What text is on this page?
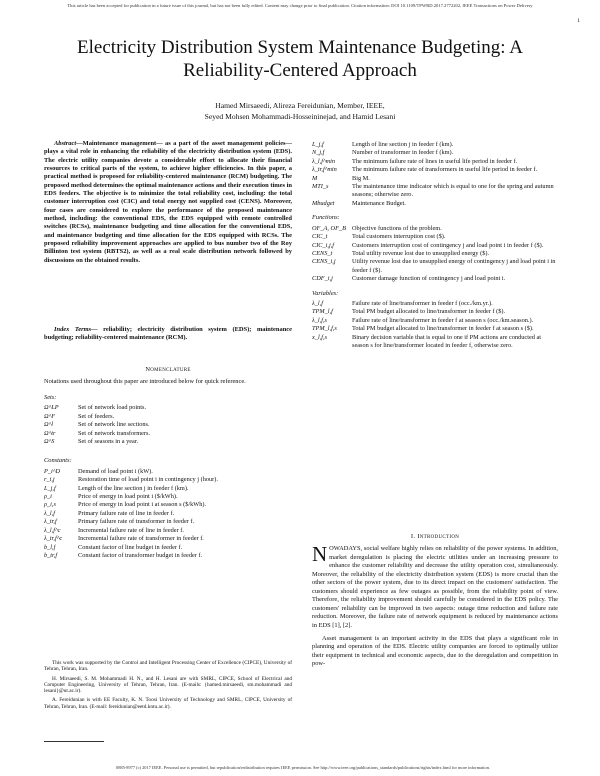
This article has been accepted for publication in a future issue of this journal, but has not been fully edited. Content may change prior to final publication. Citation information: DOI 10.1109/TPWRD.2017.2772202, IEEE Transactions on Power Delivery
1
Electricity Distribution System Maintenance Budgeting: A Reliability-Centered Approach
Hamed Mirsaeedi, Alireza Fereidunian, Member, IEEE,
Seyed Mohsen Mohammadi-Hosseininejad, and Hamid Lesani

Abstract—Maintenance management— as a part of the asset management policies— plays a vital role in enhancing the reliability of the electricity distribution system (EDS). The electric utility companies devote a considerable effort to allocate their financial resources to critical parts of the system, to achieve higher efficiencies. In this paper, a practical method is proposed for reliability-centered maintenance (RCM) budgeting. The proposed method determines the optimal maintenance actions and their execution times in EDS feeders. The objective is to minimize the total reliability cost, including: the total customer interruption cost (CIC) and total energy not supplied cost (CENS). Moreover, four cases are considered to explore the performance of the proposed maintenance method, including: the conventional EDS, the EDS equipped with remote controlled switches (RCSs), maintenance budgeting and time allocation for the conventional EDS, and maintenance budgeting and time allocation for the EDS equipped with RCSs. The proposed reliability improvement approaches are applied to bus number two of the Roy Billinton test system (RBTS2), as well as a real scale distribution network followed by discussions on the obtained results.

Index Terms— reliability; electricity distribution system (EDS); maintenance budgeting; reliability-centered maintenance (RCM).

Nomenclature
Notations used throughout this paper are introduced below for quick reference.
Sets:
Ω^LP	Set of network load points.
Ω^F	Set of feeders.
Ω^l	Set of network line sections.
Ω^tr	Set of network transformers.
Ω^S	Set of seasons in a year.
Constants:
P_i^D	Demand of load point i (kW).
r_i,j	Restoration time of load point i in contingency j (hour).
L_j,f	Length of the line section j in feeder f (km).
ρ_i	Price of energy in load point i ($/kWh).
ρ_i,s	Price of energy in load point i at season s ($/kWh).
λ_l,f	Primary failure rate of line in feeder f.
λ_tr,f	Primary failure rate of transformer in feeder f.
λ_l,f^c	Incremental failure rate of line in feeder f.
λ_tr,f^c	Incremental failure rate of transformer in feeder f.
b_l,f	Constant factor of line budget in feeder f.
b_tr,f	Constant factor of transformer budget in feeder f.
This work was supported by the Control and Intelligent Processing Center of Excellence (CIPCE), University of Tehran, Tehran, Iran.
H. Mirsaeedi, S. M. Mohammadi H. N., and H. Lesani are with SMRL, CIPCE, School of Electrical and Computer Engineering, University of Tehran, Tehran, Iran. (E-mails: {hamed.mirsaeedi, sm.mohammadi and lesani}@ut.ac.ir).
A. Fereidunian is with EE Faculty, K. N. Toosi University of Technology and SMRL, CIPCE, University of Tehran, Tehran, Iran. (E-mail: fereidunian@eetd.kntu.ac.ir).
L_j,f	Length of line section j in feeder f (km).
N_j,f	Number of transformer in feeder f (km).
λ_l,f^min	The minimum failure rate of lines in useful life period in feeder f.
λ_tr,f^min	The minimum failure rate of transformers in useful life period in feeder f.
M	Big M.
MTI_s	The maintenance time indicator which is equal to one for the spring and autumn seasons; otherwise zero.
Mbudget	Maintenance Budget.
Functions:
OF_A, OF_B Objective functions of the problem.
CIC_t	Total customers interruption cost ($).
CIC_i,j,f	Customers interruption cost of contingency j and load point i in feeder f ($).
CENS_t	Total utility revenue lost due to unsupplied energy ($).
CENS_i,j	Utility revenue lost due to unsupplied energy of contingency j and load point i in feeder f ($).
CDF_i,j	Customer damage function of contingency j and load point i.
Variables:
λ_l,f	Failure rate of line/transformer in feeder f (occ./km.yr.).
TPM_l,f	Total PM budget allocated to line/transformer in feeder f ($).
λ_l,f,s	Failure rate of line/transformer in feeder f at season s (occ./km.season.).
TPM_l,f,s	Total PM budget allocated to line/transformer in feeder f at season s ($).
x_l,f,s	Binary decision variable that is equal to one if PM actions are conducted at season s for line/transformer located in feeder f, otherwise zero.
I. Introduction

NOWADAYS, social welfare highly relies on reliability of the power systems. In addition, market deregulation is placing the electric utilities under an increasing pressure to enhance the customer reliability and decrease the utility operation cost, simultaneously. Moreover, the reliability of the electricity distribution system (EDS) is more crucial than the other sectors of the power system, due to its direct impact on the customers' satisfaction. The customers should experience as few outages as possible, from the reliability point of view. Therefore, the reliability improvement should carefully be considered in the EDS policy. The customers' reliability can be improved in two aspects: outage time reduction and failure rate reduction. Moreover, the failure rate of network equipment is reduced by maintenance actions in EDS [1], [2].

Asset management is an important activity in the EDS that plays a significant role in planning and operation of the EDS. Electric utility companies are forced to optimally utilize their equipment in technical and economic aspects, due to the deregulation and competition in pow-

0885-8977 (c) 2017 IEEE. Personal use is permitted, but republication/redistribution requires IEEE permission. See http://www.ieee.org/publications_standards/publications/rights/index.html for more information.
